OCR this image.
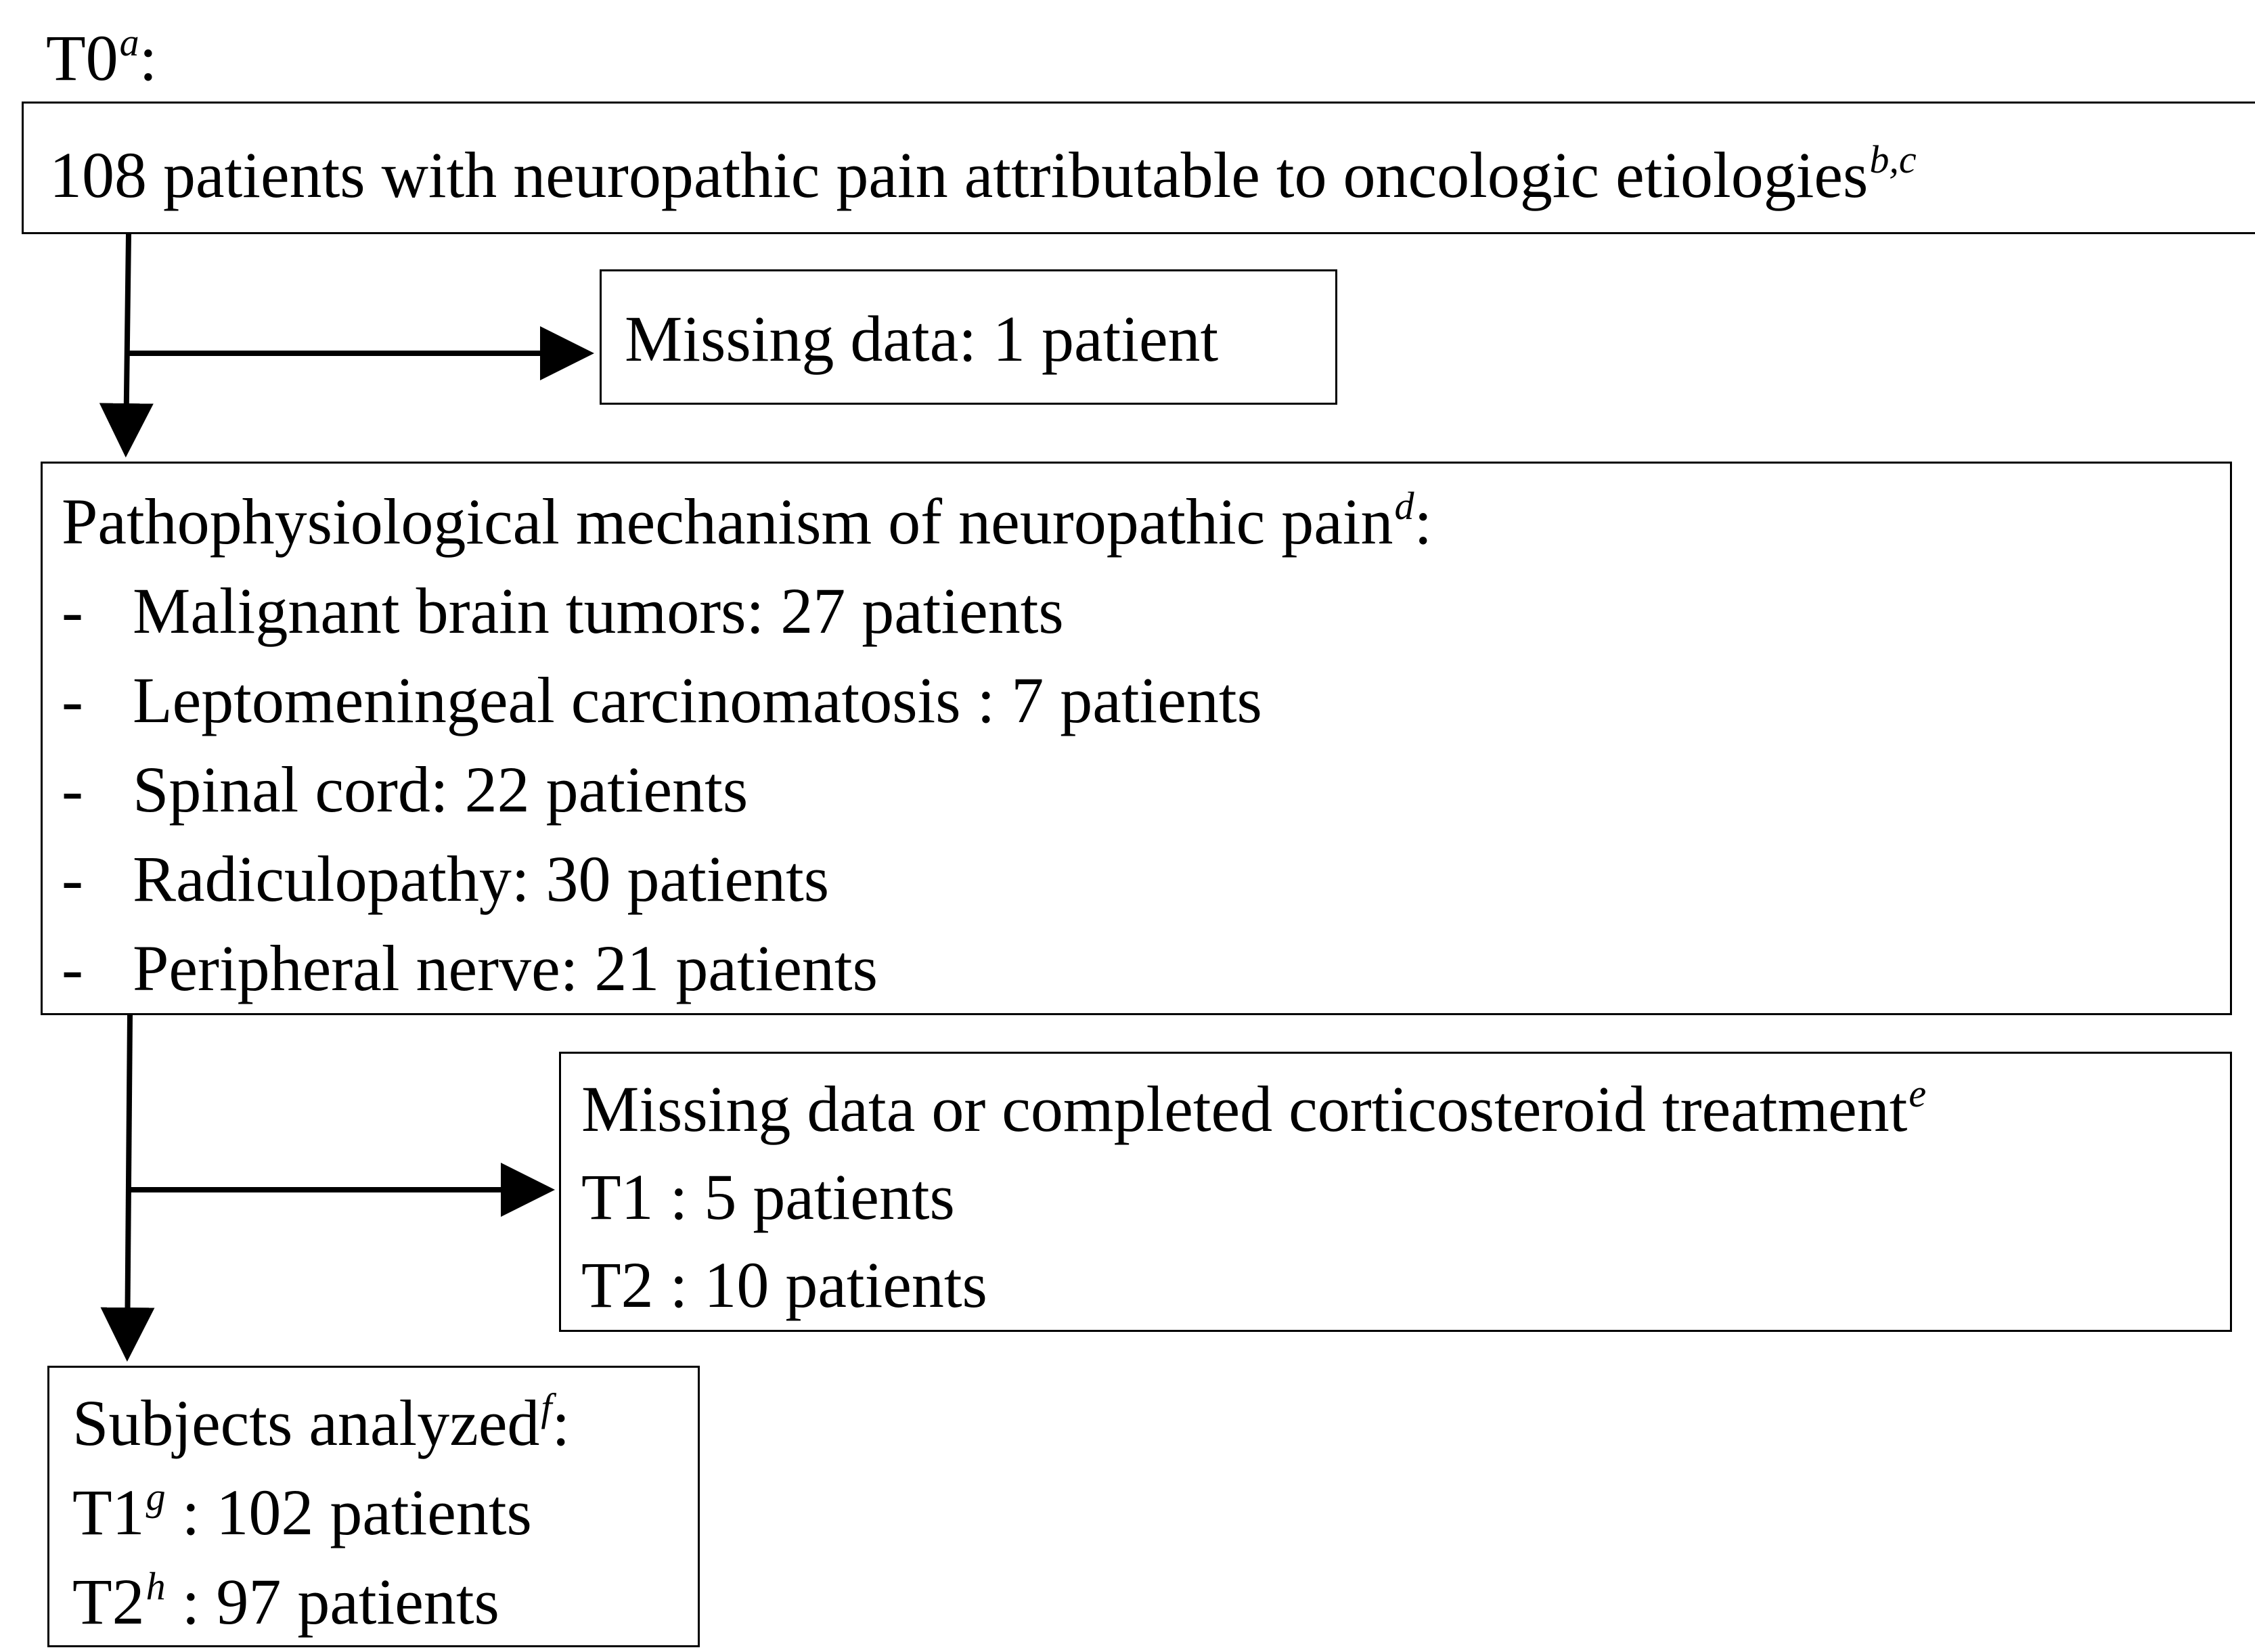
T0$^a$:
108 patients with neuropathic pain attributable to oncologic etiologies$^{b,c}$
Missing data: 1 patient
Pathophysiological mechanism of neuropathic pain$^d$:
- Malignant brain tumors: 27 patients
- Leptomeningeal carcinomatosis : 7 patients
- Spinal cord: 22 patients
- Radiculopathy: 30 patients
- Peripheral nerve: 21 patients
Missing data or completed corticosteroid treatment$^e$
T1 : 5 patients
T2 : 10 patients
Subjects analyzed$^f$:
T1$^g$ : 102 patients
T2$^h$ : 97 patients
